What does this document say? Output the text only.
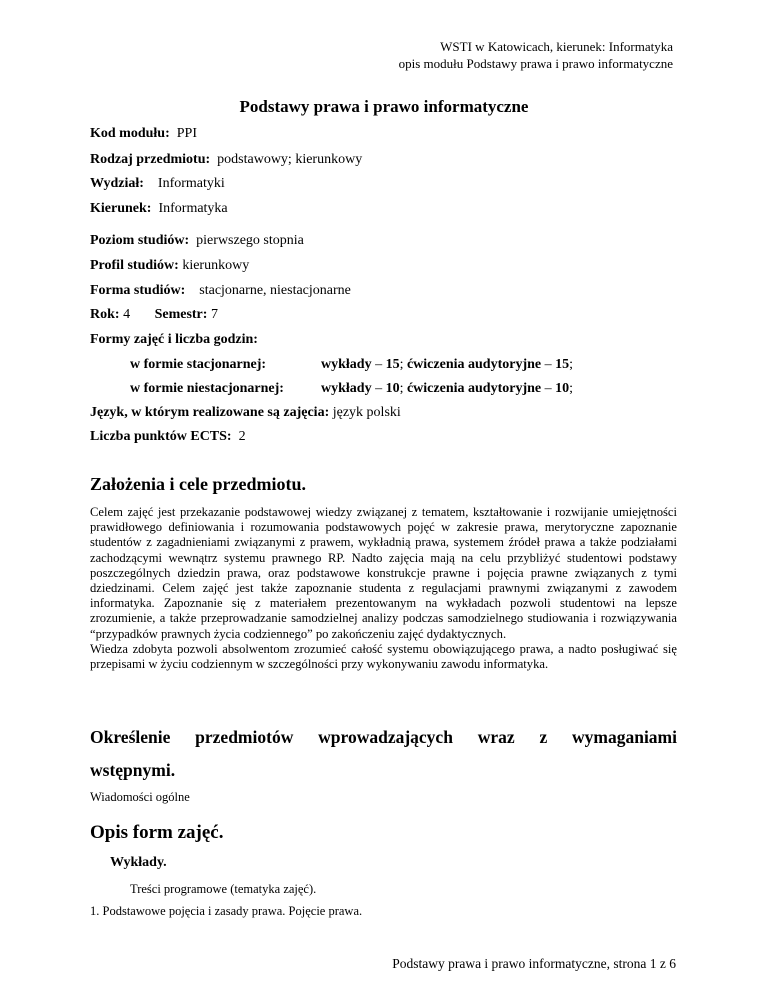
WSTI w Katowicach, kierunek: Informatyka
opis modułu Podstawy prawa i prawo informatyczne
Podstawy prawa i prawo informatyczne
Kod modułu: PPI
Rodzaj przedmiotu: podstawowy; kierunkowy
Wydział: Informatyki
Kierunek: Informatyka
Poziom studiów: pierwszego stopnia
Profil studiów: kierunkowy
Forma studiów: stacjonarne, niestacjonarne
Rok: 4 Semestr: 7
Formy zajęć i liczba godzin:
w formie stacjonarnej:	wykłady – 15; ćwiczenia audytoryjne – 15;
w formie niestacjonarnej:	wykłady – 10; ćwiczenia audytoryjne – 10;
Język, w którym realizowane są zajęcia: język polski
Liczba punktów ECTS: 2
Założenia i cele przedmiotu.

Celem zajęć jest przekazanie podstawowej wiedzy związanej z tematem, kształtowanie i rozwijanie umiejętności prawidłowego definiowania i rozumowania podstawowych pojęć w zakresie prawa, merytoryczne zapoznanie studentów z zagadnieniami związanymi z prawem, wykładnią prawa, systemem źródeł prawa a także podziałami zachodzącymi wewnątrz systemu prawnego RP. Nadto zajęcia mają na celu przybliżyć studentowi podstawy poszczególnych dziedzin prawa, oraz podstawowe konstrukcje prawne i pojęcia prawne związanych z tymi dziedzinami. Celem zajęć jest także zapoznanie studenta z regulacjami prawnymi związanymi z zawodem informatyka. Zapoznanie się z materiałem prezentowanym na wykładach pozwoli studentowi na lepsze zrozumienie, a także przeprowadzanie samodzielnej analizy podczas samodzielnego studiowania i rozwiązywania “przypadków prawnych życia codziennego” po zakończeniu zajęć dydaktycznych.

Wiedza zdobyta pozwoli absolwentom zrozumieć całość systemu obowiązującego prawa, a nadto posługiwać się przepisami w życiu codziennym w szczególności przy wykonywaniu zawodu informatyka.

Określenie przedmiotów wprowadzających wraz z wymaganiami
wstępnymi.
Wiadomości ogólne
Opis form zajęć.
Wykłady.
Treści programowe (tematyka zajęć).
1. Podstawowe pojęcia i zasady prawa. Pojęcie prawa.
Podstawy prawa i prawo informatyczne, strona 1 z 6
